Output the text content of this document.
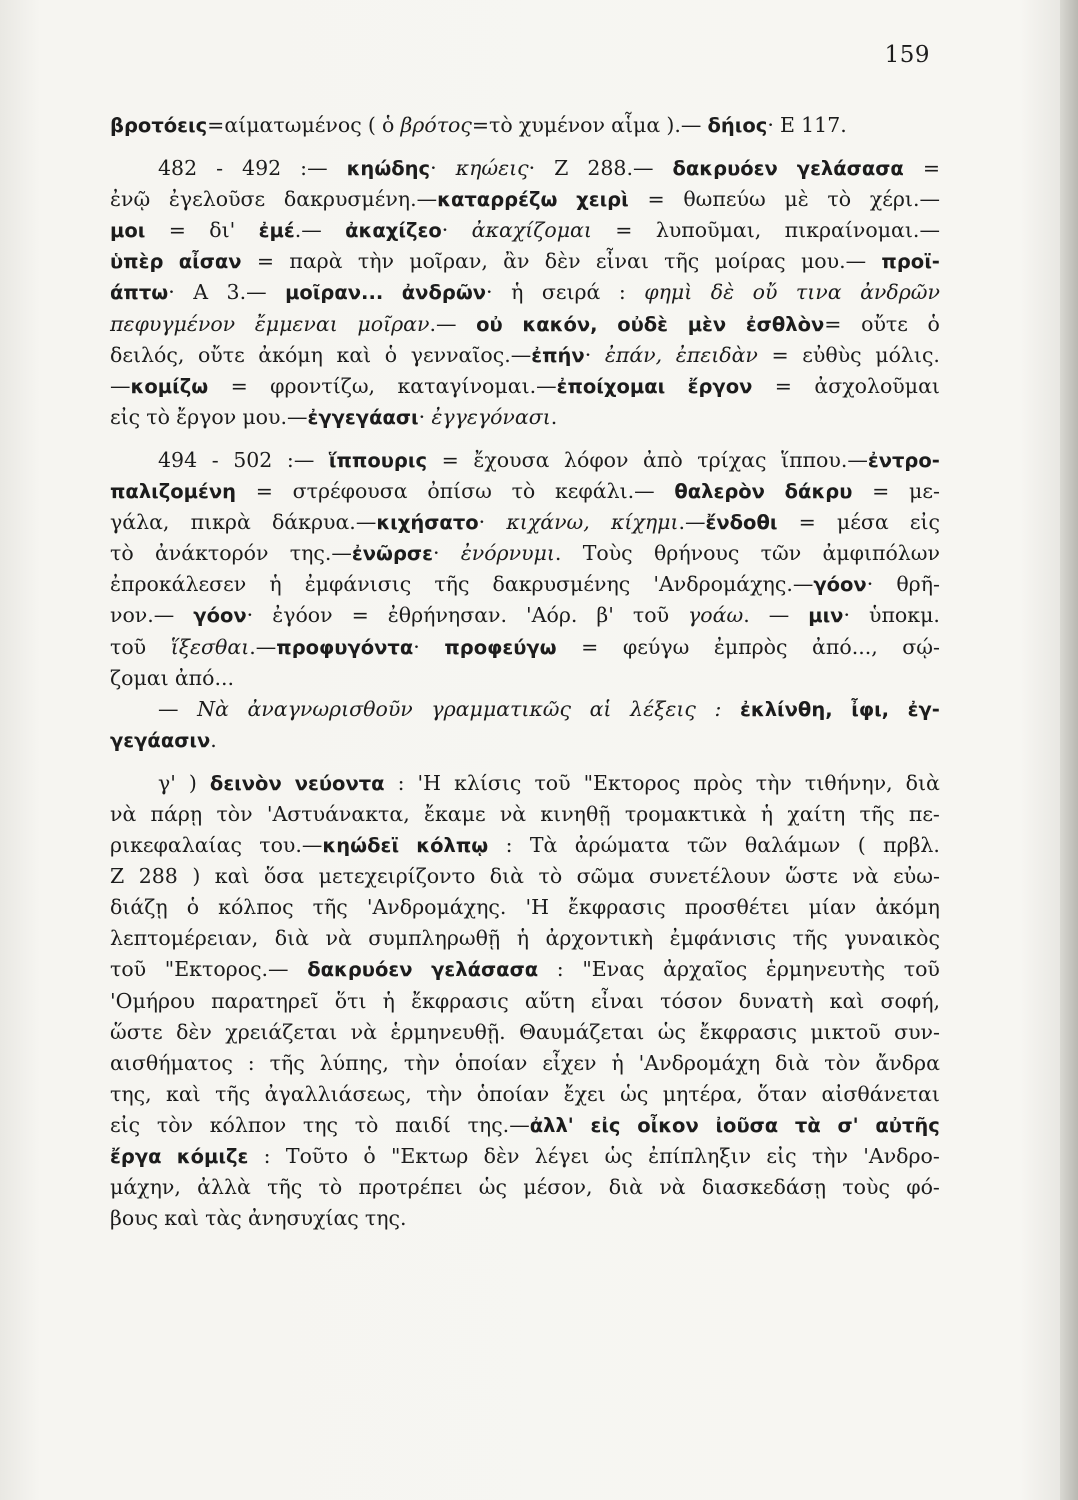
159
βροτόεις=αίματωμένος ( ὁ βρότος=τὸ χυμένον αἷμα ).— δήιος· Ε 117.
482 - 492 :— κηώδης· κηώεις· Ζ 288.— δακρυόεν γελάσασα =
ἐνῷ ἐγελοῦσε δακρυσμένη.—καταρρέζω χειρὶ = θωπεύω μὲ τὸ χέρι.—
μοι = δι' ἐμέ.— ἀκαχίζεο· ἀκαχίζομαι = λυποῦμαι, πικραίνομαι.—
ὑπὲρ αἶσαν = παρὰ τὴν μοῖραν, ἂν δὲν εἶναι τῆς μοίρας μου.— προϊ-
άπτω· Α 3.— μοῖραν... ἀνδρῶν· ἡ σειρά : φημὶ δὲ οὔ τινα ἀνδρῶν
πεφυγμένον ἔμμεναι μοῖραν.— οὐ κακόν, οὐδὲ μὲν ἐσθλὸν= οὔτε ὁ
δειλός, οὔτε ἀκόμη καὶ ὁ γενναῖος.—ἐπήν· ἐπάν, ἐπειδὰν = εὐθὺς μόλις.
—κομίζω = φροντίζω, καταγίνομαι.—ἐποίχομαι ἔργον = ἀσχολοῦμαι
εἰς τὸ ἔργον μου.—ἐγγεγάασι· ἐγγεγόνασι.
494 - 502 :— ἵππουρις = ἔχουσα λόφον ἀπὸ τρίχας ἵππου.—ἐντρο-
παλιζομένη = στρέφουσα ὀπίσω τὸ κεφάλι.— θαλερὸν δάκρυ = με-
γάλα, πικρὰ δάκρυα.—κιχήσατο· κιχάνω, κίχημι.—ἔνδοθι = μέσα εἰς
τὸ ἀνάκτορόν της.—ἐνῶρσε· ἐνόρνυμι. Τοὺς θρήνους τῶν ἀμφιπόλων
ἐπροκάλεσεν ἡ ἐμφάνισις τῆς δακρυσμένης 'Ανδρομάχης.—γόον· θρῆ-
νον.— γόον· ἐγόον = ἐθρήνησαν. 'Αόρ. β' τοῦ γοάω. — μιν· ὑποκμ.
τοῦ ἵξεσθαι.—προφυγόντα· προφεύγω = φεύγω ἐμπρὸς ἀπό..., σῴ-
ζομαι ἀπό...
— Νὰ ἀναγνωρισθοῦν γραμματικῶς αἱ λέξεις : ἐκλίνθη, ἶφι, ἐγ-
γεγάασιν.
γ' ) δεινὸν νεύοντα : 'Η κλίσις τοῦ "Εκτορος πρὸς τὴν τιθήνην, διὰ
νὰ πάρῃ τὸν 'Αστυάνακτα, ἔκαμε νὰ κινηθῇ τρομακτικὰ ἡ χαίτη τῆς πε-
ρικεφαλαίας του.—κηώδεϊ κόλπῳ : Τὰ ἀρώματα τῶν θαλάμων ( πρβλ.
Ζ 288 ) καὶ ὅσα μετεχειρίζοντο διὰ τὸ σῶμα συνετέλουν ὥστε νὰ εὐω-
διάζῃ ὁ κόλπος τῆς 'Ανδρομάχης. 'Η ἔκφρασις προσθέτει μίαν ἀκόμη
λεπτομέρειαν, διὰ νὰ συμπληρωθῇ ἡ ἀρχοντικὴ ἐμφάνισις τῆς γυναικὸς
τοῦ "Εκτορος.— δακρυόεν γελάσασα : "Ενας ἀρχαῖος ἑρμηνευτὴς τοῦ
'Ομήρου παρατηρεῖ ὅτι ἡ ἔκφρασις αὕτη εἶναι τόσον δυνατὴ καὶ σοφή,
ὥστε δὲν χρειάζεται νὰ ἑρμηνευθῇ. Θαυμάζεται ὡς ἔκφρασις μικτοῦ συν-
αισθήματος : τῆς λύπης, τὴν ὁποίαν εἶχεν ἡ 'Ανδρομάχη διὰ τὸν ἄνδρα
της, καὶ τῆς ἀγαλλιάσεως, τὴν ὁποίαν ἔχει ὡς μητέρα, ὅταν αἰσθάνεται
εἰς τὸν κόλπον της τὸ παιδί της.—ἀλλ' εἰς οἶκον ἰοῦσα τὰ σ' αὐτῆς
ἔργα κόμιζε : Τοῦτο ὁ "Εκτωρ δὲν λέγει ὡς ἐπίπληξιν εἰς τὴν 'Ανδρο-
μάχην, ἀλλὰ τῆς τὸ προτρέπει ὡς μέσον, διὰ νὰ διασκεδάσῃ τοὺς φό-
βους καὶ τὰς ἀνησυχίας της.
